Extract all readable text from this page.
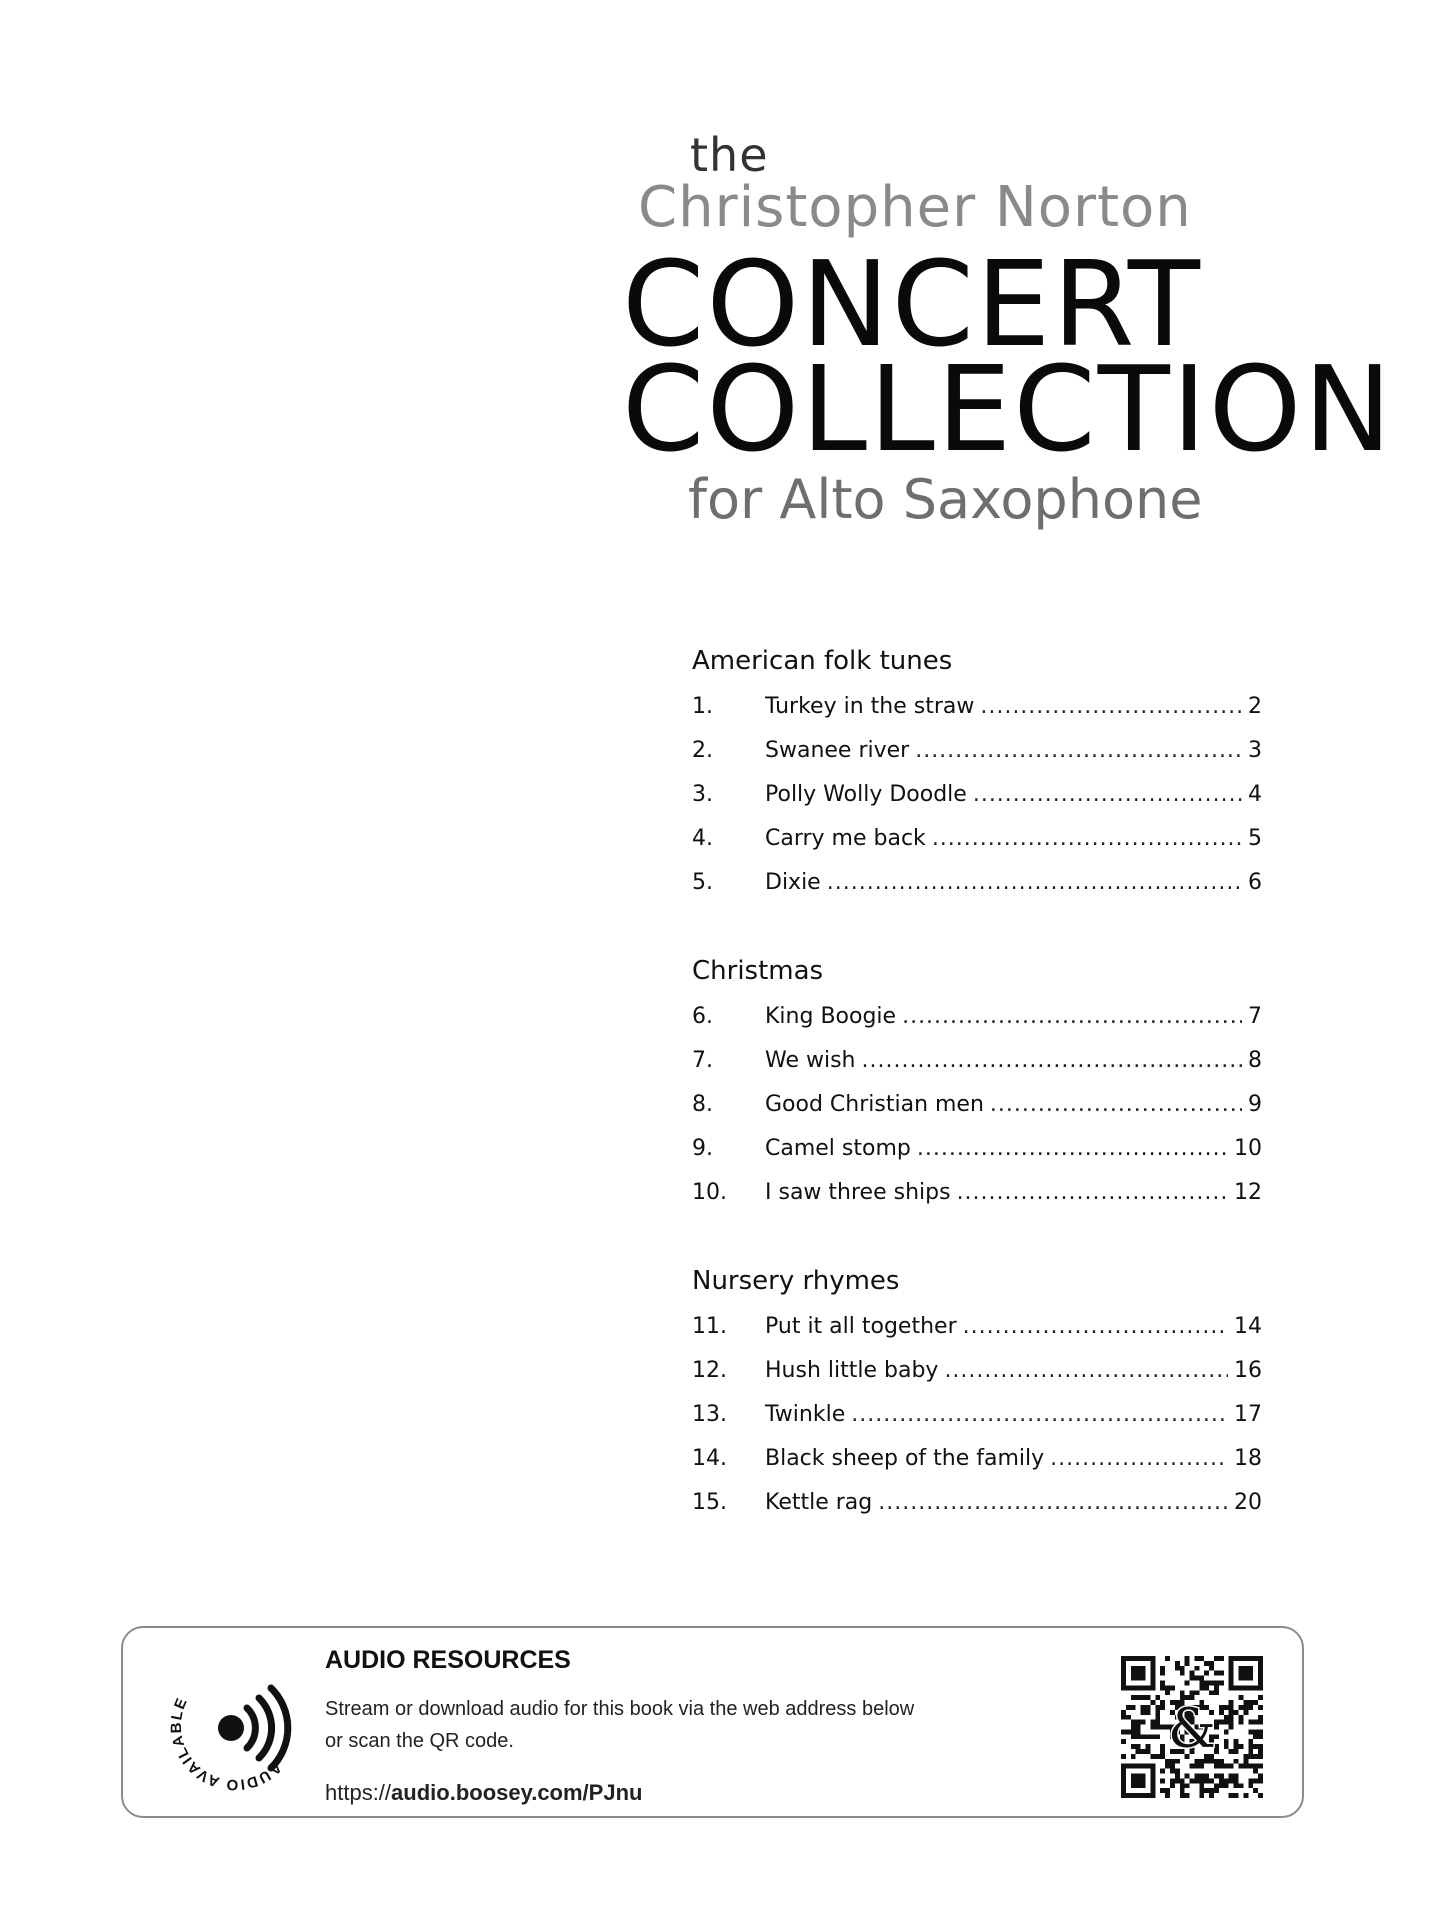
the
Christopher Norton
CONCERT
COLLECTION
for Alto Saxophone
American folk tunes
1.	Turkey in the straw .....	2
2.	Swanee river .....	3
3.	Polly Wolly Doodle .....	4
4.	Carry me back .....	5
5.	Dixie .....	6
Christmas
6.	King Boogie .....	7
7.	We wish .....	8
8.	Good Christian men .....	9
9.	Camel stomp .....	10
10.	I saw three ships .....	12
Nursery rhymes
11.	Put it all together .....	14
12.	Hush little baby .....	16
13.	Twinkle .....	17
14.	Black sheep of the family .....	18
15.	Kettle rag .....	20
AUDIO AVAILABLE
AUDIO RESOURCES
Stream or download audio for this book via the web address below
or scan the QR code.
https://audio.boosey.com/PJnu
&
